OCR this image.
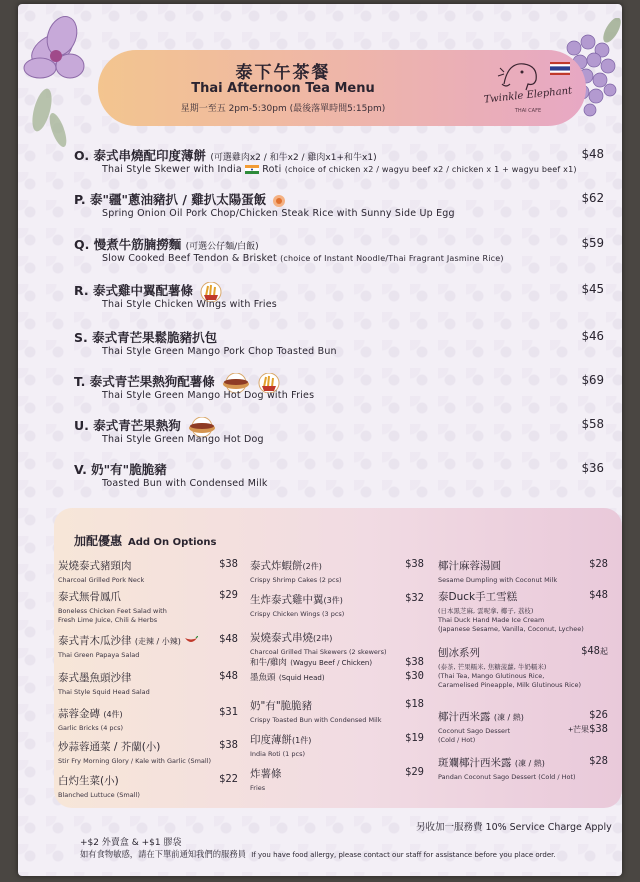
泰下午茶餐
Thai Afternoon Tea Menu
星期一至五 2pm-5:30pm (最後落單時間5:15pm)
Twinkle Elephant
THAI CAFE
O. 泰式串燒配印度薄餅 (可選雞肉x2 / 和牛x2 / 雞肉x1+和牛x1)
Thai Style Skewer with India  Roti (choice of chicken x2 / wagyu beef x2 / chicken x 1 + wagyu beef x1)
$48
P. 泰"疆"蔥油豬扒 / 雞扒太陽蛋飯
Spring Onion Oil Pork Chop/Chicken Steak Rice with Sunny Side Up Egg
$62
Q. 慢煮牛筋腩撈麵 (可選公仔麵/白飯)
Slow Cooked Beef Tendon & Brisket (choice of Instant Noodle/Thai Fragrant Jasmine Rice)
$59
R. 泰式雞中翼配薯條
Thai Style Chicken Wings with Fries
$45
S. 泰式青芒果鬆脆豬扒包
Thai Style Green Mango Pork Chop Toasted Bun
$46
T. 泰式青芒果熱狗配薯條
Thai Style Green Mango Hot Dog with Fries
$69
U. 泰式青芒果熱狗
Thai Style Green Mango Hot Dog
$58
V. 奶"有"脆脆豬
Toasted Bun with Condensed Milk
$36
加配優惠 Add On Options
炭燒泰式豬頸肉
Charcoal Grilled Pork Neck
$38
泰式無骨鳳爪
Boneless Chicken Feet Salad with
Fresh Lime Juice, Chili & Herbs
$29
泰式青木瓜沙律 (走辣 / 小辣)
Thai Green Papaya Salad
$48
泰式墨魚頭沙律
Thai Style Squid Head Salad
$48
蒜蓉金磚 (4件)
Garlic Bricks (4 pcs)
$31
炒蒜蓉通菜 / 芥蘭(小)
Stir Fry Morning Glory / Kale with Garlic (Small)
$38
白灼生菜(小)
Blanched Luttuce (Small)
$22
泰式炸蝦餅(2件)
Crispy Shrimp Cakes (2 pcs)
$38
生炸泰式雞中翼(3件)
Crispy Chicken Wings (3 pcs)
$32
炭燒泰式串燒(2串)
Charcoal Grilled Thai Skewers (2 skewers)
和牛/雞肉 (Wagyu Beef / Chicken)	$38
墨魚頭 (Squid Head)	$30
奶"有"脆脆豬
Crispy Toasted Bun with Condensed Milk
$18
印度薄餅(1件)
India Roti (1 pcs)
$19
炸薯條
Fries
$29
椰汁麻蓉湯圓
Sesame Dumpling with Coconut Milk
$28
泰Duck手工雪糕
(日本黑芝麻, 雲呢拿, 椰子, 荔枝)
Thai Duck Hand Made Ice Cream
(Japanese Sesame, Vanilla, Coconut, Lychee)
$48
刨冰系列
(泰茶, 芒果糯米, 焦糖菠蘿, 牛奶糯米)
(Thai Tea, Mango Glutinous Rice,
Caramelised Pineapple, Milk Glutinous Rice)
$48起
椰汁西米露 (凍 / 熱)
Coconut Sago Dessert
(Cold / Hot)
$26
+芒果$38
斑斕椰汁西米露 (凍 / 熱)
Pandan Coconut Sago Dessert (Cold / Hot)
$28
另收加一服務費 10% Service Charge Apply
+$2 外賣盒 & +$1 膠袋
如有食物敏感，請在下單前通知我們的服務員 If you have food allergy, please contact our staff for assistance before you place order.
